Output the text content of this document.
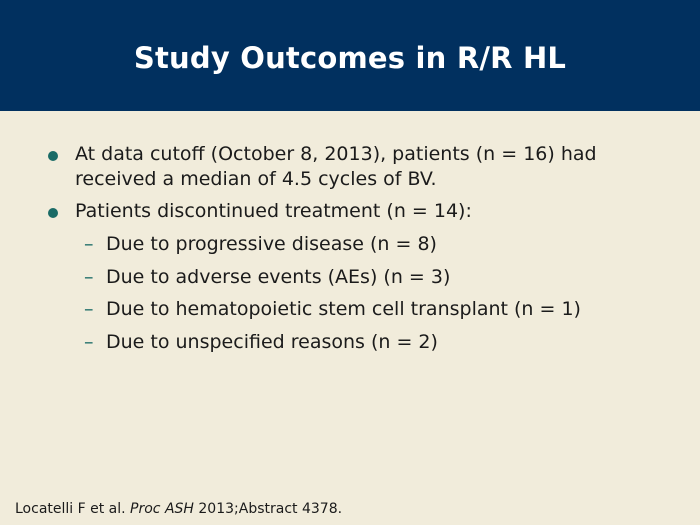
Study Outcomes in R/R HL
At data cutoff (October 8, 2013), patients (n = 16) had
received a median of 4.5 cycles of BV.
Patients discontinued treatment (n = 14):
– Due to progressive disease (n = 8)
– Due to adverse events (AEs) (n = 3)
– Due to hematopoietic stem cell transplant (n = 1)
– Due to unspecified reasons (n = 2)
Locatelli F et al. Proc ASH 2013;Abstract 4378.
